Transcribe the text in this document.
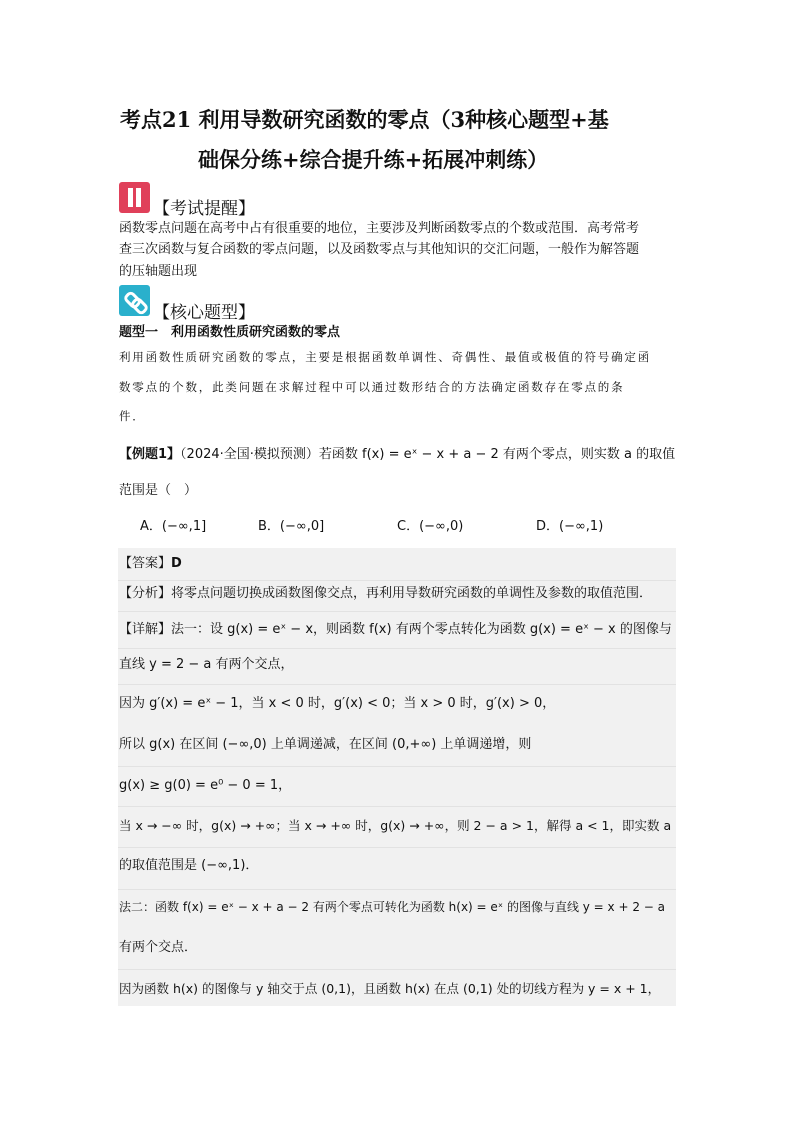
考点21 利用导数研究函数的零点（3种核心题型+基
础保分练+综合提升练+拓展冲刺练）
【考试提醒】
函数零点问题在高考中占有很重要的地位，主要涉及判断函数零点的个数或范围．高考常考
查三次函数与复合函数的零点问题，以及函数零点与其他知识的交汇问题，一般作为解答题
的压轴题出现
【核心题型】
题型一　利用函数性质研究函数的零点
利用函数性质研究函数的零点，主要是根据函数单调性、奇偶性、最值或极值的符号确定函
数零点的个数，此类问题在求解过程中可以通过数形结合的方法确定函数存在零点的条
件．
【例题1】（2024·全国·模拟预测）若函数 f(x) = eˣ − x + a − 2 有两个零点，则实数 a 的取值
范围是（　）
A．(−∞,1]	B．(−∞,0]	C．(−∞,0)	D．(−∞,1)
【答案】D
【分析】将零点问题切换成函数图像交点，再利用导数研究函数的单调性及参数的取值范围．
【详解】法一：设 g(x) = eˣ − x，则函数 f(x) 有两个零点转化为函数 g(x) = eˣ − x 的图像与
直线 y = 2 − a 有两个交点，
因为 g′(x) = eˣ − 1，当 x < 0 时，g′(x) < 0；当 x > 0 时，g′(x) > 0，
所以 g(x) 在区间 (−∞,0) 上单调递减，在区间 (0,+∞) 上单调递增，则
g(x) ≥ g(0) = e⁰ − 0 = 1，
当 x → −∞ 时，g(x) → +∞；当 x → +∞ 时，g(x) → +∞，则 2 − a > 1，解得 a < 1，即实数 a
的取值范围是 (−∞,1)．
法二：函数 f(x) = eˣ − x + a − 2 有两个零点可转化为函数 h(x) = eˣ 的图像与直线 y = x + 2 − a
有两个交点．
因为函数 h(x) 的图像与 y 轴交于点 (0,1)，且函数 h(x) 在点 (0,1) 处的切线方程为 y = x + 1，
